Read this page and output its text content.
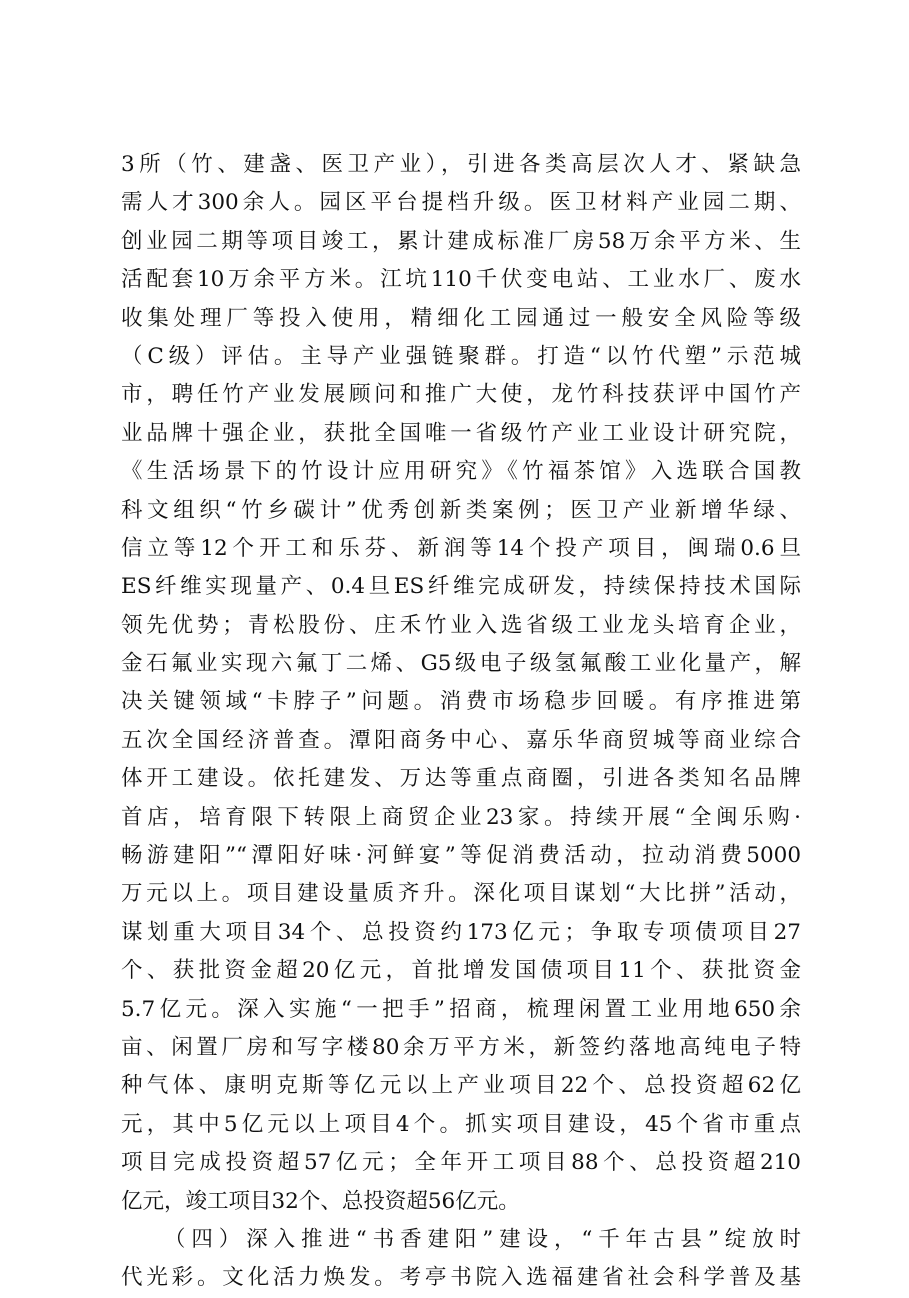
3所（竹、建盏、医卫产业），引进各类高层次人才、紧缺急
需人才300余人。园区平台提档升级。医卫材料产业园二期、
创业园二期等项目竣工，累计建成标准厂房58万余平方米、生
活配套10万余平方米。江坑110千伏变电站、工业水厂、废水
收集处理厂等投入使用，精细化工园通过一般安全风险等级
（C级）评估。主导产业强链聚群。打造“以竹代塑”示范城
市，聘任竹产业发展顾问和推广大使，龙竹科技获评中国竹产
业品牌十强企业，获批全国唯一省级竹产业工业设计研究院，
《生活场景下的竹设计应用研究》《竹福茶馆》入选联合国教
科文组织“竹乡碳计”优秀创新类案例；医卫产业新增华绿、
信立等12个开工和乐芬、新润等14个投产项目，闽瑞0.6旦
ES纤维实现量产、0.4旦ES纤维完成研发，持续保持技术国际
领先优势；青松股份、庄禾竹业入选省级工业龙头培育企业，
金石氟业实现六氟丁二烯、G5级电子级氢氟酸工业化量产，解
决关键领域“卡脖子”问题。消费市场稳步回暖。有序推进第
五次全国经济普查。潭阳商务中心、嘉乐华商贸城等商业综合
体开工建设。依托建发、万达等重点商圈，引进各类知名品牌
首店，培育限下转限上商贸企业23家。持续开展“全闽乐购·
畅游建阳”“潭阳好味·河鲜宴”等促消费活动，拉动消费5000
万元以上。项目建设量质齐升。深化项目谋划“大比拼”活动，
谋划重大项目34个、总投资约173亿元；争取专项债项目27
个、获批资金超20亿元，首批增发国债项目11个、获批资金
5.7亿元。深入实施“一把手”招商，梳理闲置工业用地650余
亩、闲置厂房和写字楼80余万平方米，新签约落地高纯电子特
种气体、康明克斯等亿元以上产业项目22个、总投资超62亿
元，其中5亿元以上项目4个。抓实项目建设，45个省市重点
项目完成投资超57亿元；全年开工项目88个、总投资超210
亿元，竣工项目32个、总投资超56亿元。
（四）深入推进“书香建阳”建设，“千年古县”绽放时
代光彩。文化活力焕发。考亭书院入选福建省社会科学普及基
